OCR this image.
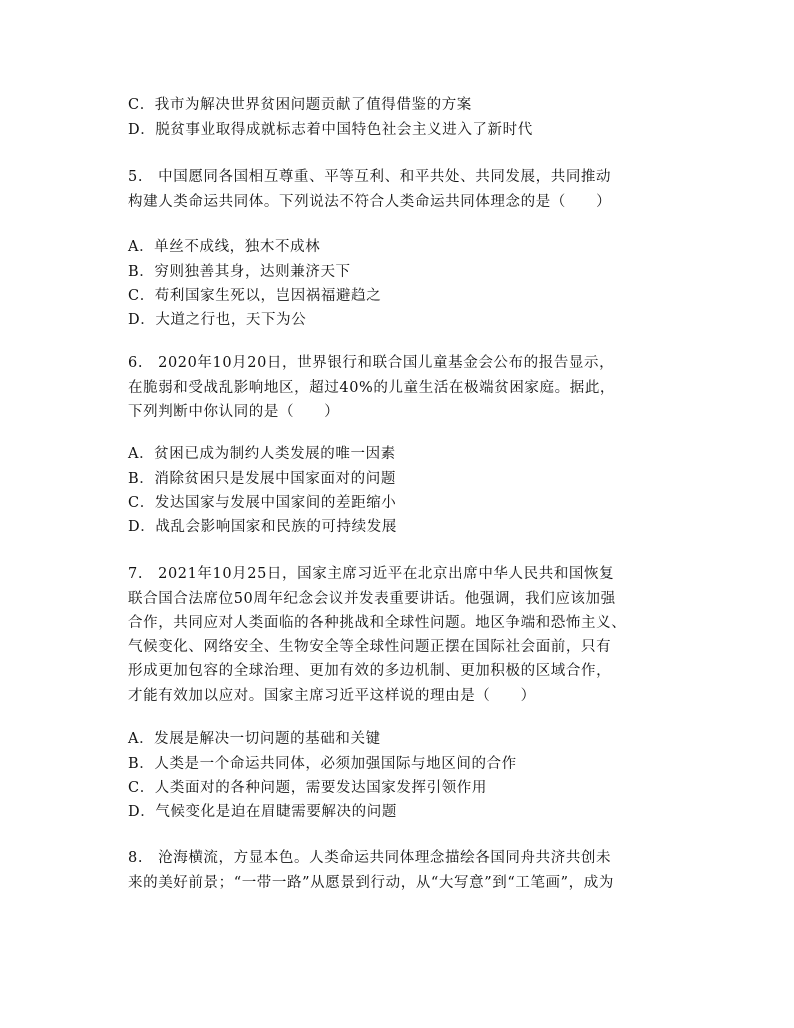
C．我市为解决世界贫困问题贡献了值得借鉴的方案
D．脱贫事业取得成就标志着中国特色社会主义进入了新时代
5.　中国愿同各国相互尊重、平等互利、和平共处、共同发展，共同推动
构建人类命运共同体。下列说法不符合人类命运共同体理念的是（　　）
A．单丝不成线，独木不成林
B．穷则独善其身，达则兼济天下
C．苟利国家生死以，岂因祸福避趋之
D．大道之行也，天下为公
6.　2020年10月20日，世界银行和联合国儿童基金会公布的报告显示，
在脆弱和受战乱影响地区，超过40%的儿童生活在极端贫困家庭。据此，
下列判断中你认同的是（　　）
A．贫困已成为制约人类发展的唯一因素
B．消除贫困只是发展中国家面对的问题
C．发达国家与发展中国家间的差距缩小
D．战乱会影响国家和民族的可持续发展
7.　2021年10月25日，国家主席习近平在北京出席中华人民共和国恢复
联合国合法席位50周年纪念会议并发表重要讲话。他强调，我们应该加强
合作，共同应对人类面临的各种挑战和全球性问题。地区争端和恐怖主义、
气候变化、网络安全、生物安全等全球性问题正摆在国际社会面前，只有
形成更加包容的全球治理、更加有效的多边机制、更加积极的区域合作，
才能有效加以应对。国家主席习近平这样说的理由是（　　）
A．发展是解决一切问题的基础和关键
B．人类是一个命运共同体，必须加强国际与地区间的合作
C．人类面对的各种问题，需要发达国家发挥引领作用
D．气候变化是迫在眉睫需要解决的问题
8.　沧海横流，方显本色。人类命运共同体理念描绘各国同舟共济共创未
来的美好前景；“一带一路”从愿景到行动，从“大写意”到“工笔画”，成为
